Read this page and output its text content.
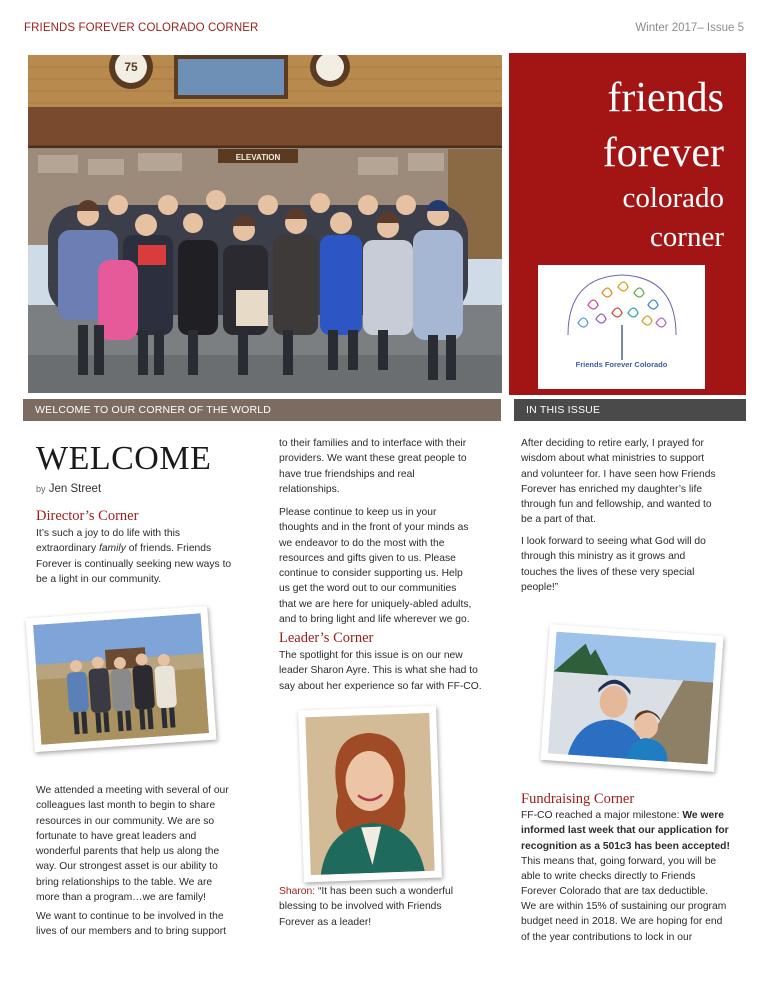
FRIENDS FOREVER COLORADO CORNER	Winter 2017– Issue 5
75
ELEVATION
friends
forever
colorado
corner
Friends Forever Colorado
WELCOME TO OUR CORNER OF THE WORLD	IN THIS ISSUE
WELCOME
by Jen Street
Director’s Corner
It’s such a joy to do life with this
extraordinary family of friends. Friends
Forever is continually seeking new ways to
be a light in our community.
We attended a meeting with several of our
colleagues last month to begin to share
resources in our community. We are so
fortunate to have great leaders and
wonderful parents that help us along the
way. Our strongest asset is our ability to
bring relationships to the table. We are
more than a program…we are family!
We want to continue to be involved in the
lives of our members and to bring support
to their families and to interface with their
providers. We want these great people to
have true friendships and real
relationships.
Please continue to keep us in your
thoughts and in the front of your minds as
we endeavor to do the most with the
resources and gifts given to us. Please
continue to consider supporting us. Help
us get the word out to our communities
that we are here for uniquely-abled adults,
and to bring light and life wherever we go.
Leader’s Corner
The spotlight for this issue is on our new
leader Sharon Ayre. This is what she had to
say about her experience so far with FF-CO.
Sharon: “It has been such a wonderful
blessing to be involved with Friends
Forever as a leader!
After deciding to retire early, I prayed for
wisdom about what ministries to support
and volunteer for. I have seen how Friends
Forever has enriched my daughter’s life
through fun and fellowship, and wanted to
be a part of that.
I look forward to seeing what God will do
through this ministry as it grows and
touches the lives of these very special
people!”
Fundraising Corner
FF-CO reached a major milestone: We were
informed last week that our application for
recognition as a 501c3 has been accepted!
This means that, going forward, you will be
able to write checks directly to Friends
Forever Colorado that are tax deductible.
We are within 15% of sustaining our program
budget need in 2018. We are hoping for end
of the year contributions to lock in our
